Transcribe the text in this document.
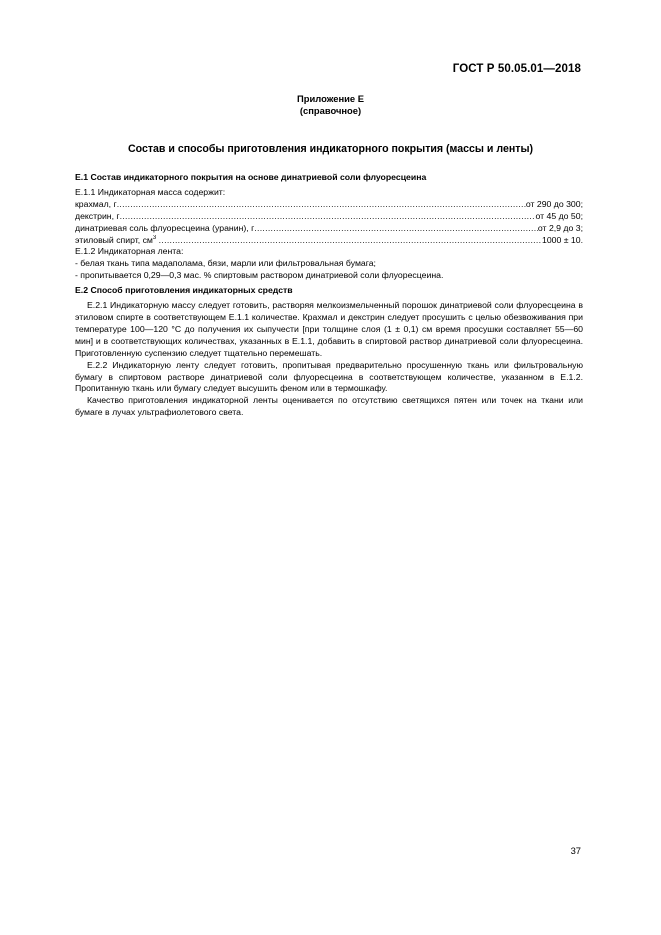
ГОСТ Р 50.05.01—2018
Приложение Е
(справочное)
Состав и способы приготовления индикаторного покрытия (массы и ленты)

Е.1 Состав индикаторного покрытия на основе динатриевой соли флуоресцеина

Е.1.1 Индикаторная масса содержит:

крахмал, г .....	от 290 до 300;
декстрин, г .....	от 45 до 50;
динатриевая соль флуоресцеина (уранин), г .....	от 2,9 до 3;
этиловый спирт, $см^3$ .....	1000 ± 10.

Е.1.2 Индикаторная лента:

- белая ткань типа мадаполама, бязи, марли или фильтровальная бумага;

- пропитывается 0,29—0,3 мас. % спиртовым раствором динатриевой соли флуоресцеина.

Е.2 Способ приготовления индикаторных средств

Е.2.1 Индикаторную массу следует готовить, растворяя мелкоизмельченный порошок динатриевой соли флуоресцеина в этиловом спирте в соответствующем Е.1.1 количестве. Крахмал и декстрин следует просушить с целью обезвоживания при температуре 100—120 °С до получения их сыпучести [при толщине слоя (1 ± 0,1) см время просушки составляет 55—60 мин] и в соответствующих количествах, указанных в Е.1.1, добавить в спиртовой раствор динатриевой соли флуоресцеина. Приготовленную суспензию следует тщательно перемешать.

Е.2.2 Индикаторную ленту следует готовить, пропитывая предварительно просушенную ткань или фильтровальную бумагу в спиртовом растворе динатриевой соли флуоресцеина в соответствующем количестве, указанном в Е.1.2. Пропитанную ткань или бумагу следует высушить феном или в термошкафу.

Качество приготовления индикаторной ленты оценивается по отсутствию светящихся пятен или точек на ткани или бумаге в лучах ультрафиолетового света.

37
